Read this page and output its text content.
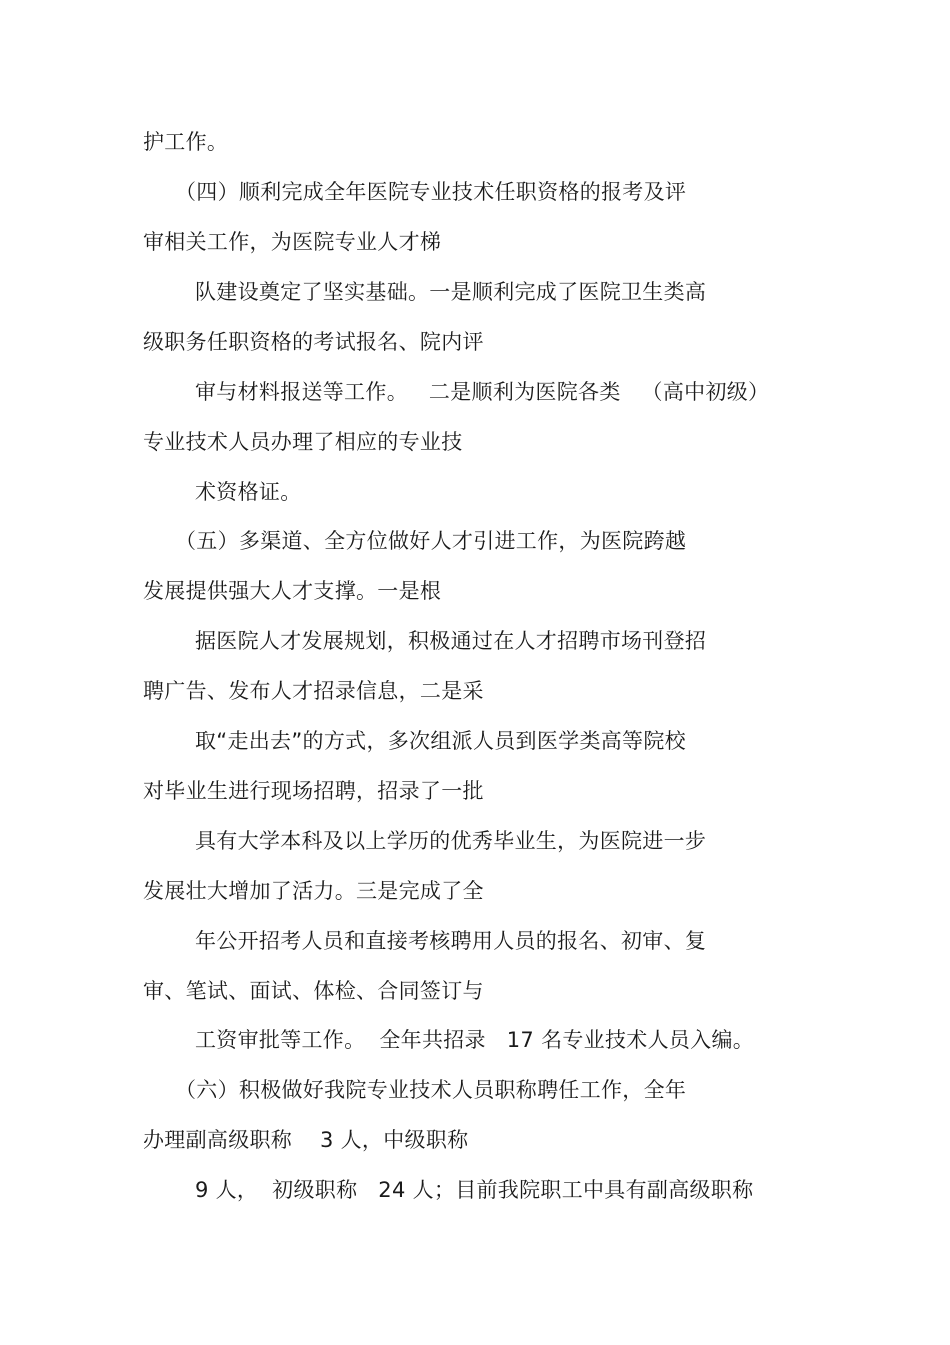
护工作。
（四）顺利完成全年医院专业技术任职资格的报考及评
审相关工作，为医院专业人才梯
队建设奠定了坚实基础。一是顺利完成了医院卫生类高
级职务任职资格的考试报名、院内评
审与材料报送等工作。   二是顺利为医院各类   （高中初级）
专业技术人员办理了相应的专业技
术资格证。
（五）多渠道、全方位做好人才引进工作，为医院跨越
发展提供强大人才支撑。一是根
据医院人才发展规划，积极通过在人才招聘市场刊登招
聘广告、发布人才招录信息，二是采
取“走出去”的方式，多次组派人员到医学类高等院校
对毕业生进行现场招聘，招录了一批
具有大学本科及以上学历的优秀毕业生，为医院进一步
发展壮大增加了活力。三是完成了全
年公开招考人员和直接考核聘用人员的报名、初审、复
审、笔试、面试、体检、合同签订与
工资审批等工作。  全年共招录   17 名专业技术人员入编。
（六）积极做好我院专业技术人员职称聘任工作，全年
办理副高级职称    3 人，中级职称
9 人，  初级职称   24 人；目前我院职工中具有副高级职称
